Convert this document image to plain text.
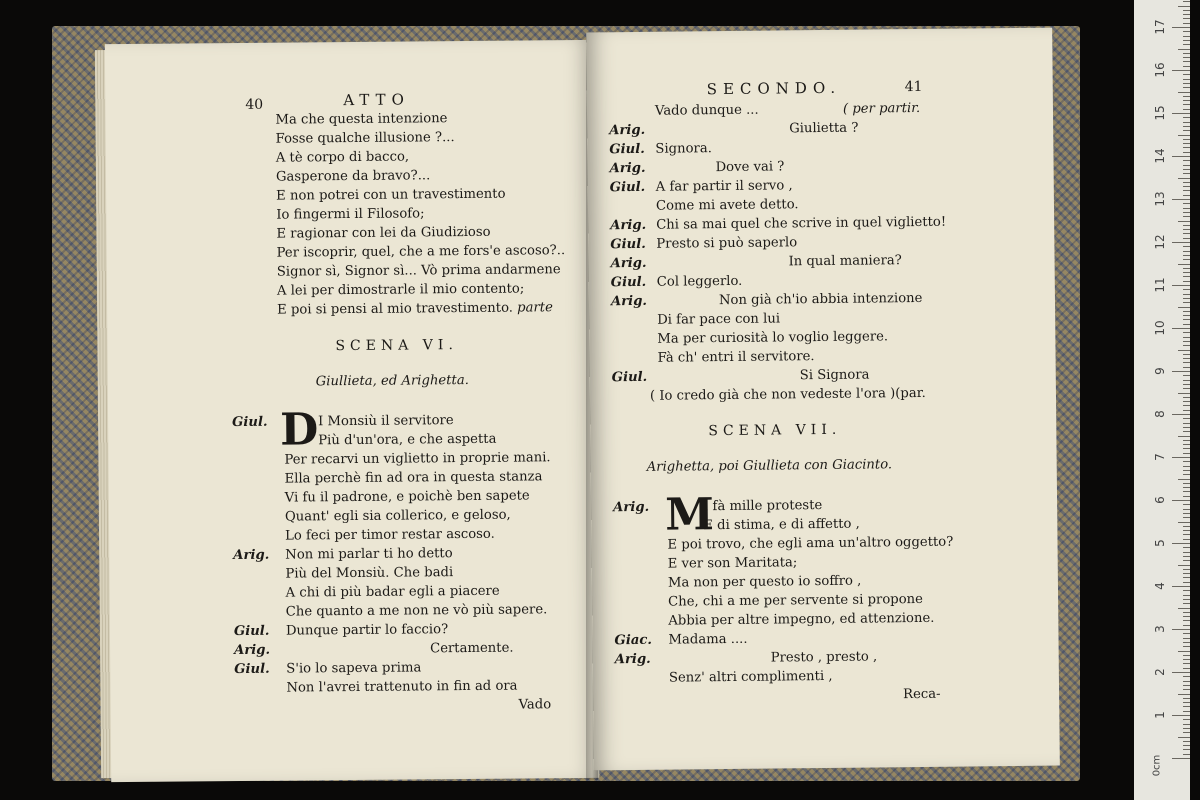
40	ATTO
Ma che questa intenzione
Fosse qualche illusione ?...
A tè corpo di bacco,
Gasperone da bravo?...
E non potrei con un travestimento
Io fingermi il Filosofo;
E ragionar con lei da Giudizioso
Per iscoprir, quel, che a me fors'e ascoso?..
Signor sì, Signor sì... Vò prima andarmene
A lei per dimostrarle il mio contento;
E poi si pensi al mio travestimento. parte
SCENA VI.
Giullieta, ed Arighetta.
D
Giul.	I Monsiù il servitore
Più d'un'ora, e che aspetta
Per recarvi un viglietto in proprie mani.
Ella perchè fin ad ora in questa stanza
Vi fu il padrone, e poichè ben sapete
Quant' egli sia collerico, e geloso,
Lo feci per timor restar ascoso.
Arig. Non mi parlar ti ho detto
Più del Monsiù. Che badi
A chi di più badar egli a piacere
Che quanto a me non ne vò più sapere.
Giul. Dunque partir lo faccio?
Arig.	Certamente.
Giul. S'io lo sapeva prima
Non l'avrei trattenuto in fin ad ora
Vado
SECONDO.	41
Vado dunque ...	( per partir.
Arig.	Giulietta ?
Giul. Signora.
Arig.	Dove vai ?
Giul. A far partir il servo ,
Come mi avete detto.
Arig. Chi sa mai quel che scrive in quel viglietto!
Giul. Presto si può saperlo
Arig.	In qual maniera?
Giul. Col leggerlo.
Arig.	Non già ch'io abbia intenzione
Di far pace con lui
Ma per curiosità lo voglio leggere.
Fà ch' entri il servitore.
Giul.	Si Signora
( Io credo già che non vedeste l'ora )(par.
SCENA VII.
Arighetta, poi Giullieta con Giacinto.
M
Arig.	I fà mille proteste
E di stima, e di affetto ,
E poi trovo, che egli ama un'altro oggetto?
E ver son Maritata;
Ma non per questo io soffro ,
Che, chi a me per servente si propone
Abbia per altre impegno, ed attenzione.
Giac. Madama ....
Arig.	Presto , presto ,
Senz' altri complimenti ,
Reca-
17
16
15
14
13
12
11
10
9
8
7
6
5
4
3
2
1
0cm
